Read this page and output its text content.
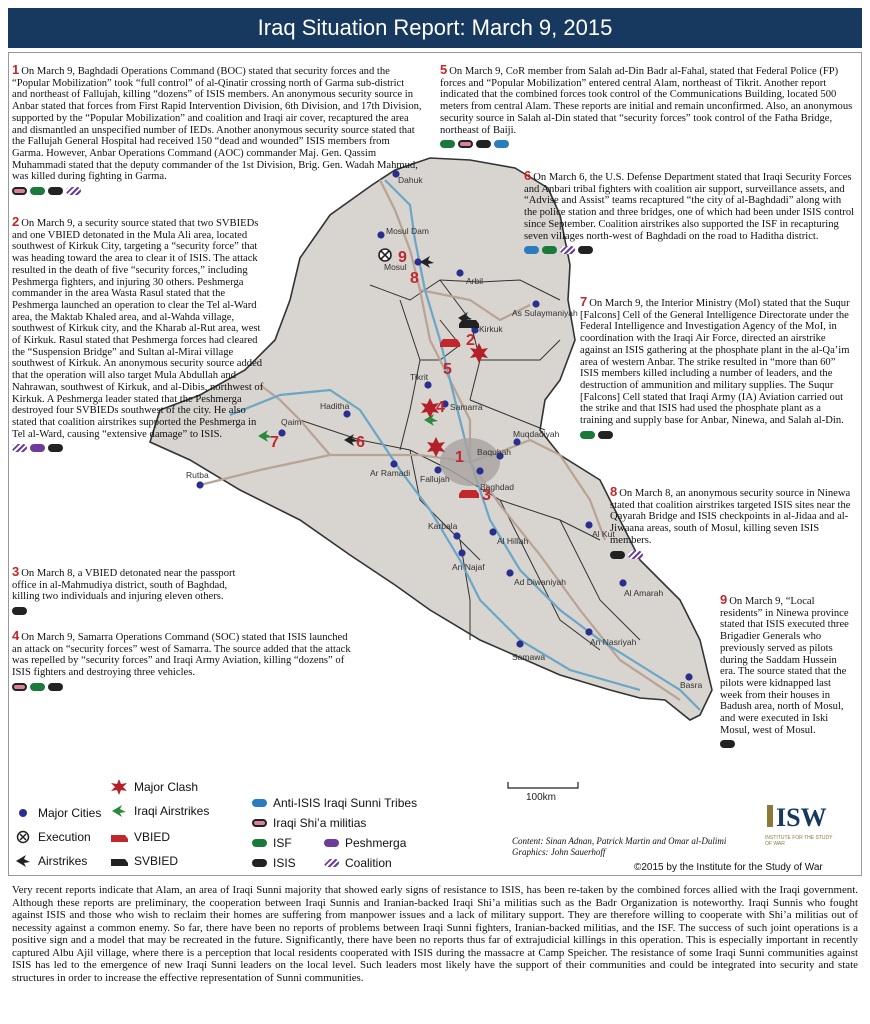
Iraq Situation Report: March 9, 2015
Dahuk
Mosul Dam
Mosul
Arbil
As Sulaymaniyah
Kirkuk
Tikrit
Samarra
Muqdadiyah
Baqubah
Baghdad
Qaim
Haditha
Ar Ramadi
Fallujah
Rutba
Karbala
Al Hillah
Al Kut
An Najaf
Ad Diwaniyah
Al Amarah
An Nasriyah
Samawa
Basra
9
8
2
5
4
6
7
1
3
100km
1 On March 9, Baghdadi Operations Command (BOC) stated that security forces and the “Popular Mobilization” took “full control” of al-Qinatir crossing north of Garma sub-district and northeast of Fallujah, killing “dozens” of ISIS members. An anonymous security source in Anbar stated that forces from First Rapid Intervention Division, 6th Division, and 17th Division, supported by the “Popular Mobilization” and coalition and Iraqi air cover, recaptured the area and dismantled an unspecified number of IEDs. Another anonymous security source stated that the Fallujah General Hospital had received 150 “dead and wounded” ISIS members from Garma. However, Anbar Operations Command (AOC) commander Maj. Gen. Qassim Muhammadi stated that the deputy commander of the 1st Division, Brig. Gen. Wadah Mahmud, was killed during fighting in Garma.
2 On March 9, a security source stated that two SVBIEDs and one VBIED detonated in the Mula Ali area, located southwest of Kirkuk City, targeting a “security force” that was heading toward the area to clear it of ISIS. The attack resulted in the death of five “security forces,” including Peshmerga fighters, and injuring 30 others. Peshmerga commander in the area Wasta Rasul stated that the Peshmerga launched an operation to clear the Tel al-Ward area, the Maktab Khaled area, and al-Wahda village, southwest of Kirkuk city, and the Kharab al-Rut area, west of Kirkuk. Rasul stated that Peshmerga forces had cleared the “Suspension Bridge” and Sultan al-Mirai village southwest of Kirkuk. An anonymous security source added that the operation will also target Mula Abdullah and Nahrawan, southwest of Kirkuk, and al-Dibis, northwest of Kirkuk. A Peshmerga leader stated that the Peshmerga destroyed four SVBIEDs southwest of the city. He also stated that coalition airstrikes supported the Peshmerga in Tel al-Ward, causing “extensive damage” to ISIS.
3 On March 8, a VBIED detonated near the passport office in al-Mahmudiya district, south of Baghdad, killing two individuals and injuring eleven others.
4 On March 9, Samarra Operations Command (SOC) stated that ISIS launched an attack on “security forces” west of Samarra. The source added that the attack was repelled by “security forces” and Iraqi Army Aviation, killing “dozens” of ISIS fighters and destroying three vehicles.
5 On March 9, CoR member from Salah ad-Din Badr al-Fahal, stated that Federal Police (FP) forces and “Popular Mobilization” entered central Alam, northeast of Tikrit. Another report indicated that the combined forces took control of the Communications Building, located 500 meters from central Alam. These reports are initial and remain unconfirmed. Also, an anonymous security source in Salah al-Din stated that “security forces” took control of the Fatha Bridge, northeast of Baiji.
6 On March 6, the U.S. Defense Department stated that Iraqi Security Forces and Anbari tribal fighters with coalition air support, surveillance assets, and “Advise and Assist” teams recaptured “the city of al-Baghdadi” along with the police station and three bridges, one of which had been under ISIS control since September. Coalition airstrikes also supported the ISF in recapturing seven villages north-west of Baghdadi on the road to Haditha district.
7 On March 9, the Interior Ministry (MoI) stated that the Suqur [Falcons] Cell of the General Intelligence Directorate under the Federal Intelligence and Investigation Agency of the MoI, in coordination with the Iraqi Air Force, directed an airstrike against an ISIS gathering at the phosphate plant in the al-Qa’im area of western Anbar. The strike resulted in “more than 60” ISIS members killed including a number of leaders, and the destruction of ammunition and military supplies. The Suqur [Falcons] Cell stated that Iraqi Army (IA) Aviation carried out the strike and that ISIS had used the phosphate plant as a training and supply base for Anbar, Ninewa, and Salah al-Din.
8 On March 8, an anonymous security source in Ninewa stated that coalition airstrikes targeted ISIS sites near the Qayarah Bridge and ISIS checkpoints in al-Jidaa and al-Jiwaana areas, south of Mosul, killing seven ISIS members.
9 On March 9, “Local residents” in Ninewa province stated that ISIS executed three Brigadier Generals who previously served as pilots during the Saddam Hussein era. The source stated that the pilots were kidnapped last week from their houses in Badush area, north of Mosul, and were executed in Iski Mosul, west of Mosul.
Major Clash
Major Cities	Iraqi Airstrikes
Execution	VBIED
Airstrikes	SVBIED
Anti-ISIS Iraqi Sunni Tribes
Iraqi Shi’a militias
ISF	Peshmerga
ISIS	Coalition
Content: Sinan Adnan, Patrick Martin and Omar al-Dulimi
Graphics: John Sauerhoff
©2015 by the Institute for the Study of War
ISW
INSTITUTE FOR THE STUDY OF WAR
Very recent reports indicate that Alam, an area of Iraqi Sunni majority that showed early signs of resistance to ISIS, has been re-taken by the combined forces allied with the Iraqi government. Although these reports are preliminary, the cooperation between Iraqi Sunnis and Iranian-backed Iraqi Shi’a militias such as the Badr Organization is noteworthy. Iraqi Sunnis who fought against ISIS and those who wish to reclaim their homes are suffering from manpower issues and a lack of military support. They are therefore willing to cooperate with Shi’a militias out of necessity against a common enemy. So far, there have been no reports of problems between Iraqi Sunni fighters, Iranian-backed militias, and the ISF. The success of such joint operations is a positive sign and a model that may be recreated in the future. Significantly, there have been no reports thus far of extrajudicial killings in this operation. This is especially important in recently captured Albu Ajil village, where there is a perception that local residents cooperated with ISIS during the massacre at Camp Speicher. The resistance of some Iraqi Sunni communities against ISIS has led to the emergence of new Iraqi Sunni leaders on the local level. Such leaders most likely have the support of their communities and could be integrated into security and state structures in order to increase the effective representation of Sunni communities.
